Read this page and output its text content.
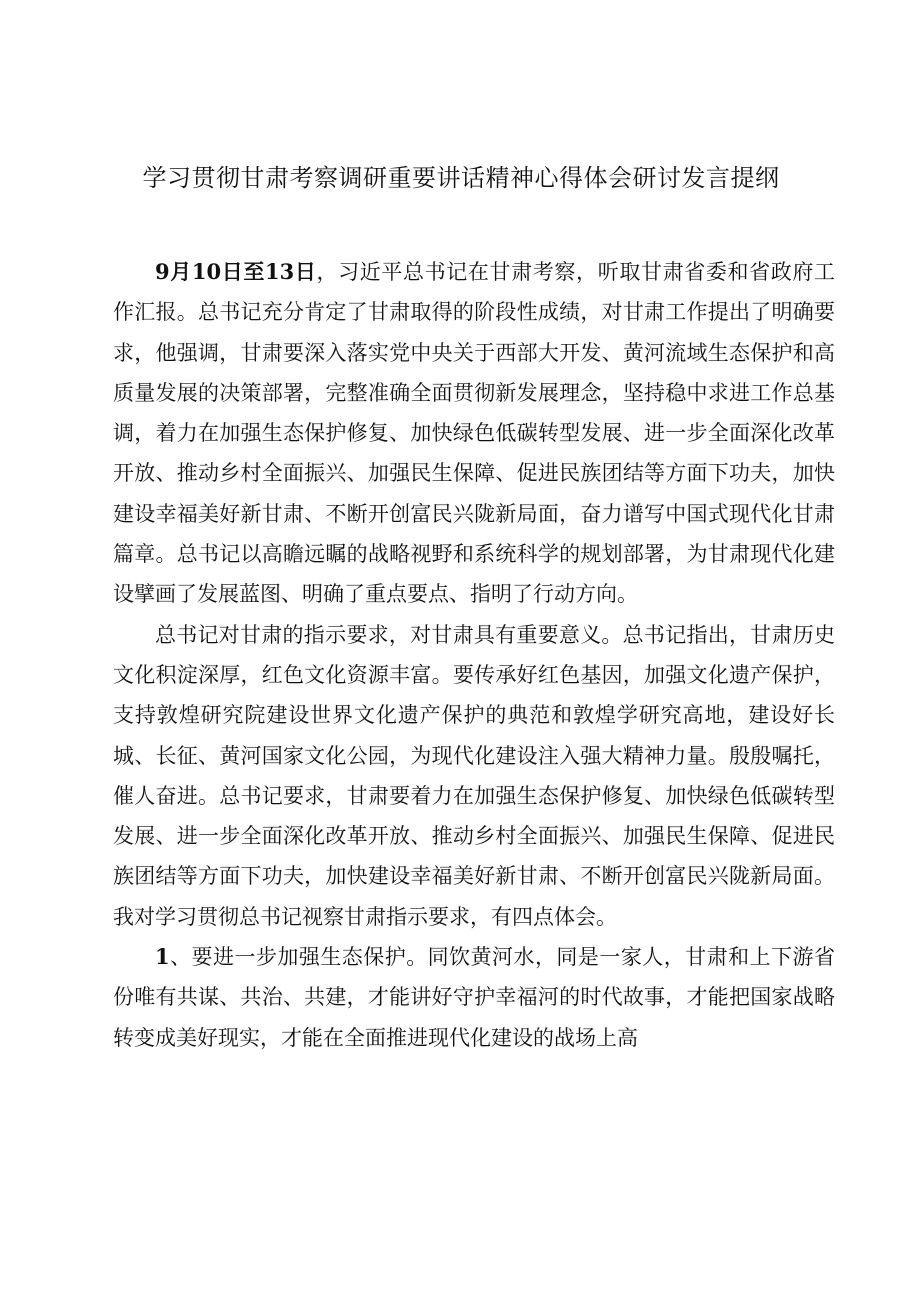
学习贯彻甘肃考察调研重要讲话精神心得体会研讨发言提纲

9月10日至13日，习近平总书记在甘肃考察，听取甘肃省委和省政府工作汇报。总书记充分肯定了甘肃取得的阶段性成绩，对甘肃工作提出了明确要求，他强调，甘肃要深入落实党中央关于西部大开发、黄河流域生态保护和高质量发展的决策部署，完整准确全面贯彻新发展理念，坚持稳中求进工作总基调，着力在加强生态保护修复、加快绿色低碳转型发展、进一步全面深化改革开放、推动乡村全面振兴、加强民生保障、促进民族团结等方面下功夫，加快建设幸福美好新甘肃、不断开创富民兴陇新局面，奋力谱写中国式现代化甘肃篇章。总书记以高瞻远瞩的战略视野和系统科学的规划部署，为甘肃现代化建设擘画了发展蓝图、明确了重点要点、指明了行动方向。

总书记对甘肃的指示要求，对甘肃具有重要意义。总书记指出，甘肃历史文化积淀深厚，红色文化资源丰富。要传承好红色基因，加强文化遗产保护，支持敦煌研究院建设世界文化遗产保护的典范和敦煌学研究高地，建设好长城、长征、黄河国家文化公园，为现代化建设注入强大精神力量。殷殷嘱托，催人奋进。总书记要求，甘肃要着力在加强生态保护修复、加快绿色低碳转型发展、进一步全面深化改革开放、推动乡村全面振兴、加强民生保障、促进民族团结等方面下功夫，加快建设幸福美好新甘肃、不断开创富民兴陇新局面。我对学习贯彻总书记视察甘肃指示要求，有四点体会。

1、要进一步加强生态保护。同饮黄河水，同是一家人，甘肃和上下游省份唯有共谋、共治、共建，才能讲好守护幸福河的时代故事，才能把国家战略转变成美好现实，才能在全面推进现代化建设的战场上高
